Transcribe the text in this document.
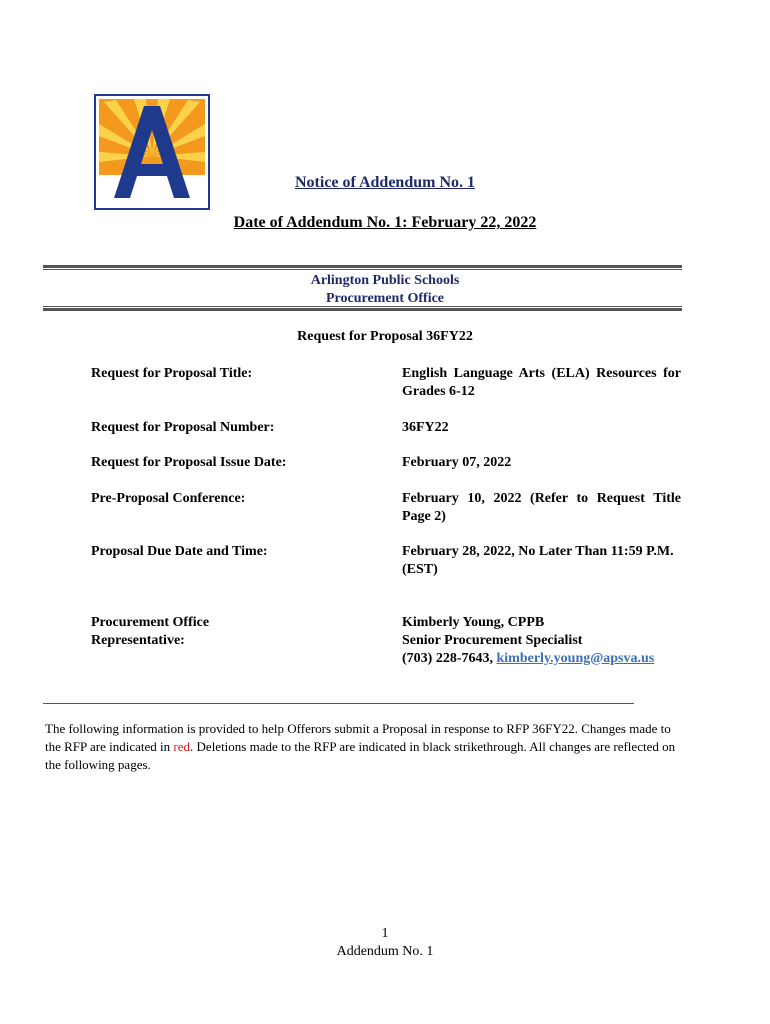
Notice of Addendum No. 1
Date of Addendum No. 1: February 22, 2022
Arlington Public Schools
Procurement Office
Request for Proposal 36FY22
Request for Proposal Title:	English Language Arts (ELA) Resources for Grades 6-12
Request for Proposal Number:	36FY22
Request for Proposal Issue Date:	February 07, 2022
Pre-Proposal Conference:	February 10, 2022 (Refer to Request Title Page 2)
Proposal Due Date and Time:	February 28, 2022, No Later Than 11:59 P.M.
(EST)
Procurement Office
Representative:
Kimberly Young, CPPB
Senior Procurement Specialist
(703) 228-7643, kimberly.young@apsva.us
The following information is provided to help Offerors submit a Proposal in response to RFP 36FY22. Changes made to the RFP are indicated in red. Deletions made to the RFP are indicated in black strikethrough. All changes are reflected on the following pages.
1
Addendum No. 1
